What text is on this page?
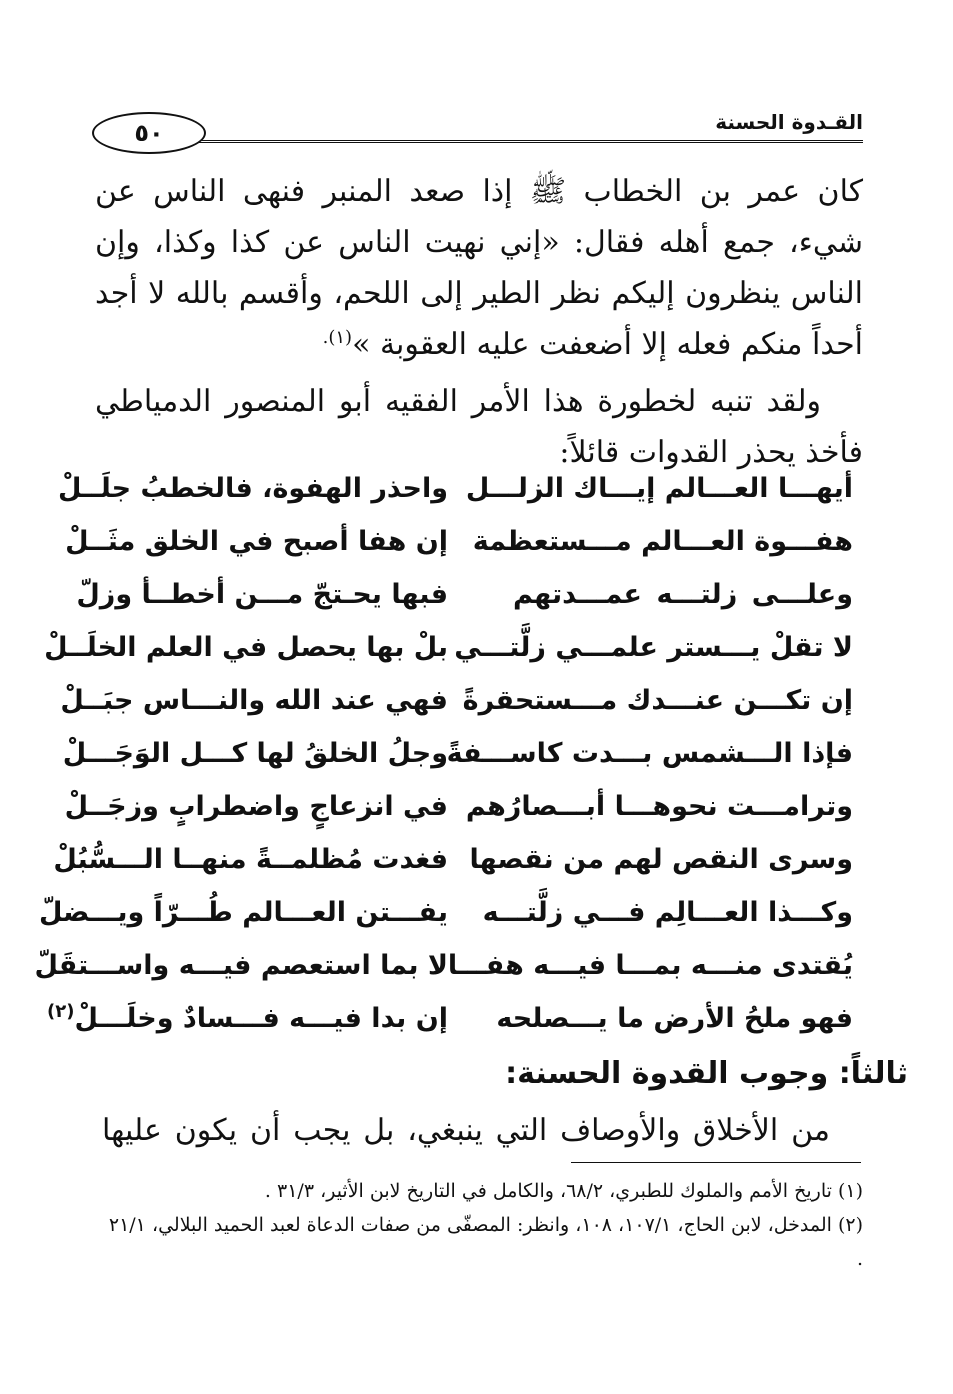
٥٠	القـدوة الحسنة

كان عمر بن الخطاب ﷺ إذا صعد المنبر فنهى الناس عن شيء، جمع أهله فقال: «إني نهيت الناس عن كذا وكذا، وإن الناس ينظرون إليكم نظر الطير إلى اللحم، وأقسم بالله لا أجد أحداً منكم فعله إلا أضعفت عليه العقوبة »$^{(١).}$

ولقد تنبه لخطورة هذا الأمر الفقيه أبو المنصور الدمياطي فأخذ يحذر القدوات قائلاً:

أيهـــا العـــالم إيـــاك الزلـــل
واحذر الهفوة، فالخطبُ جلَــلْ
هفـــوة العـــالم مـــستعظمة
إن هفا أصبح في الخلق مثَــلْ
وعلـــى زلتـــه عمـــدتهم
فبها يحـتجّ مـــن أخطــأ وزلّ
لا تقلْ يـــستر علمـــي زلَّتـــي
بلْ بها يحصل في العلم الخلَــلْ
إن تكـــن عنـــدك مـــستحقرةً
فهي عند الله والنـــاس جبَــلْ
فإذا الـــشمس بـــدت كاســـفةً
وجلُ الخلقُ لها كـــل الوَجَـــلْ
وترامـــت نحوهـــا أبـــصارُهم
في انزعاجٍ واضطرابٍ وزجَــلْ
وسرى النقص لهم من نقصها
فغدت مُظلمــةً منهــا الـــسُّبُلْ
وكـــذا العـــالِم فـــي زلَّتـــه
يفـــتن العـــالم طُـــرّاً ويـــضلّ
يُقتدى منـــه بمـــا فيـــه هفـــا
لا بما استعصم فيـــه واســـتقَلّ
فهو ملحُ الأرض ما يـــصلحه
إن بدا فيـــه فـــسادٌ وخلَـــلْ$^{(٢)}$
ثالثاً: وجوب القدوة الحسنة:
من الأخلاق والأوصاف التي ينبغي، بل يجب أن يكون عليها

(١) تاريخ الأمم والملوك للطبري، ٦٨/٢، والكامل في التاريخ لابن الأثير، ٣١/٣ .

(٢) المدخل، لابن الحاج، ١٠٧/١، ١٠٨، وانظر: المصفّى من صفات الدعاة لعبد الحميد البلالي، ٢١/١ .
